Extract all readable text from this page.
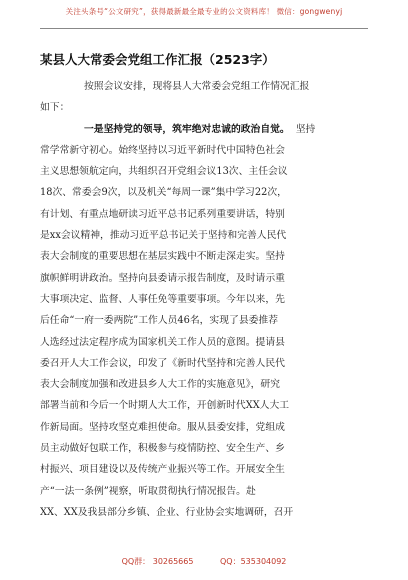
关注头条号“公文研究”，获得最新最全最专业的公文资料库！ 微信：gongwenyj
某县人大常委会党组工作汇报（2523字）
按照会议安排，现将县人大常委会党组工作情况汇报
如下：
一是坚持党的领导，筑牢绝对忠诚的政治自觉。 坚持
常学常新守初心。始终坚持以习近平新时代中国特色社会
主义思想领航定向，共组织召开党组会议13次、主任会议
18次、常委会9次，以及机关“每周一课”集中学习22次，
有计划、有重点地研读习近平总书记系列重要讲话，特别
是xx会议精神，推动习近平总书记关于坚持和完善人民代
表大会制度的重要思想在基层实践中不断走深走实。坚持
旗帜鲜明讲政治。坚持向县委请示报告制度，及时请示重
大事项决定、监督、人事任免等重要事项。今年以来，先
后任命“一府一委两院”工作人员46名，实现了县委推荐
人选经过法定程序成为国家机关工作人员的意图。提请县
委召开人大工作会议，印发了《新时代坚持和完善人民代
表大会制度加强和改进县乡人大工作的实施意见》，研究
部署当前和今后一个时期人大工作，开创新时代XX人大工
作新局面。坚持攻坚克难担使命。服从县委安排，党组成
员主动做好包联工作，积极参与疫情防控、安全生产、乡
村振兴、项目建设以及传统产业振兴等工作。开展安全生
产“一法一条例”视察，听取贯彻执行情况报告。赴
XX、XX及我县部分乡镇、企业、行业协会实地调研，召开
QQ群： 30265665	QQ：535304092
